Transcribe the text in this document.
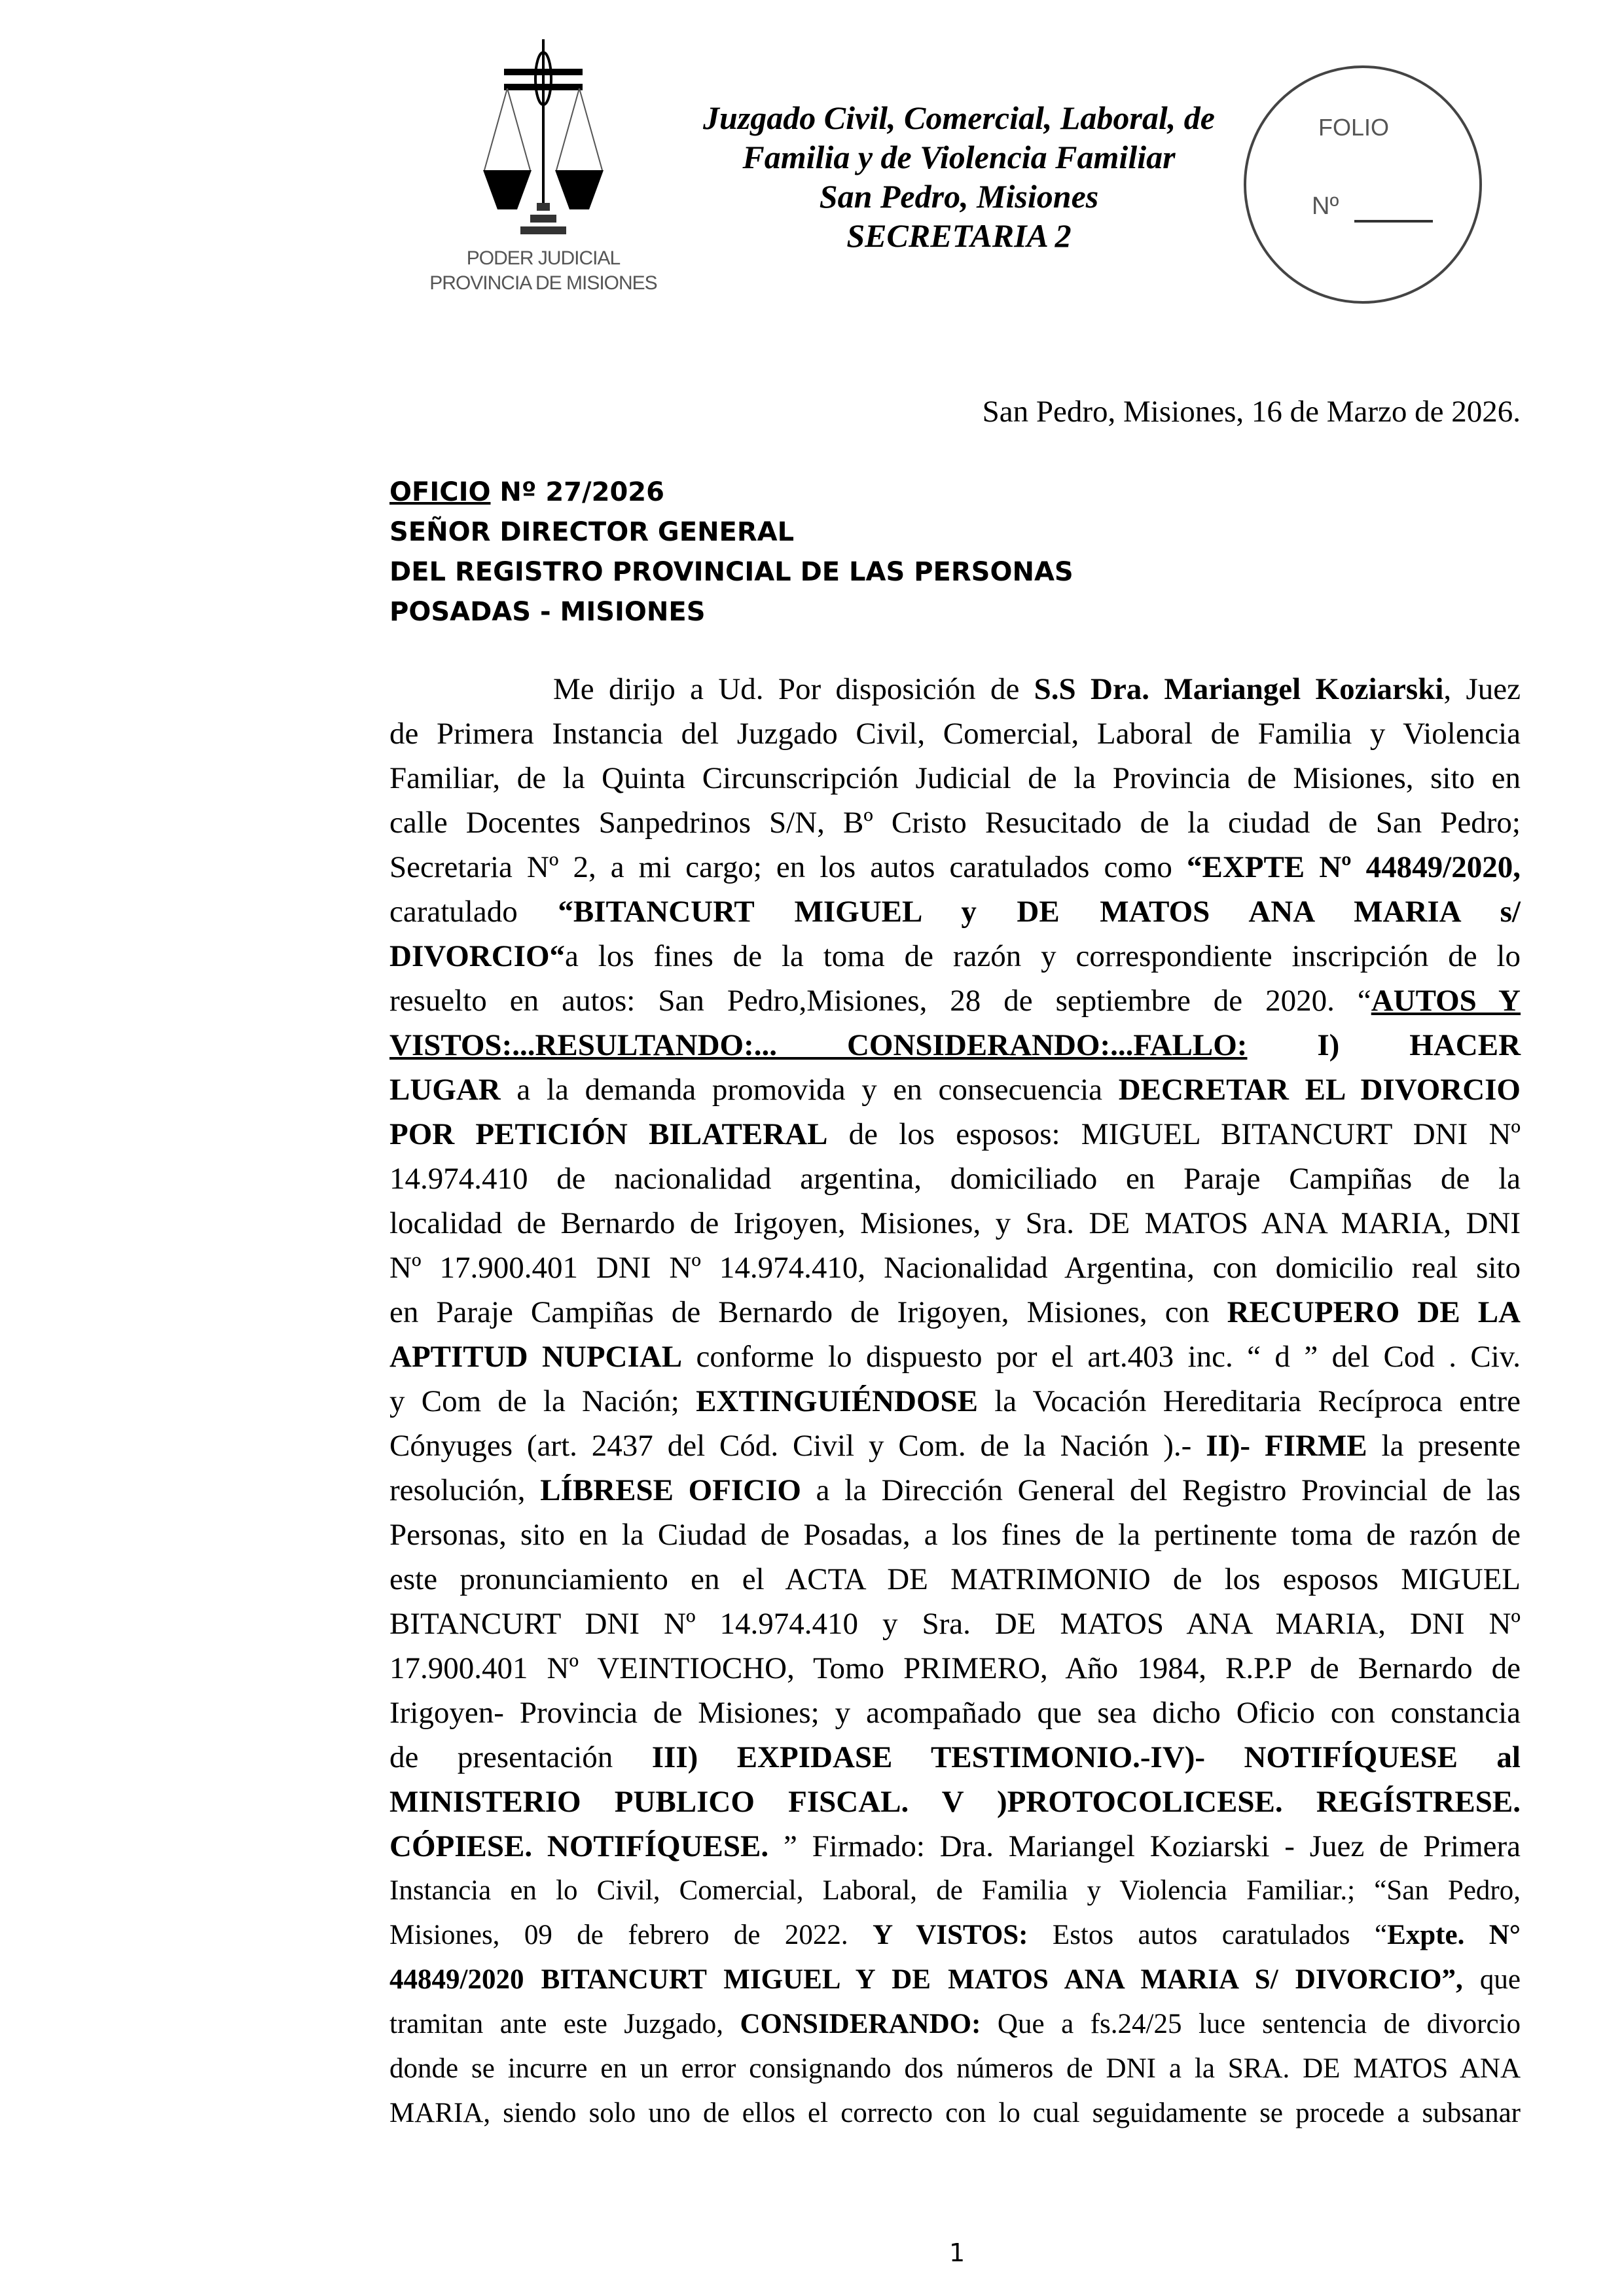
PODER JUDICIAL
PROVINCIA DE MISIONES
Juzgado Civil, Comercial, Laboral, de
Familia y de Violencia Familiar
San Pedro, Misiones
SECRETARIA 2
FOLIO
Nº
San Pedro, Misiones, 16 de Marzo de 2026.
OFICIO Nº 27/2026
SEÑOR DIRECTOR GENERAL
DEL REGISTRO PROVINCIAL DE LAS PERSONAS
POSADAS - MISIONES
Me dirijo a Ud. Por disposición de S.S Dra. Mariangel Koziarski, Juez
de Primera Instancia del Juzgado Civil, Comercial, Laboral de Familia y Violencia
Familiar, de la Quinta Circunscripción Judicial de la Provincia de Misiones, sito en
calle Docentes Sanpedrinos S/N, Bº Cristo Resucitado de la ciudad de San Pedro;
Secretaria Nº 2, a mi cargo; en los autos caratulados como “EXPTE Nº 44849/2020,
caratulado “BITANCURT MIGUEL y DE MATOS ANA MARIA s/
DIVORCIO“a los fines de la toma de razón y correspondiente inscripción de lo
resuelto en autos: San Pedro,Misiones, 28 de septiembre de 2020. “AUTOS Y
VISTOS:...RESULTANDO:... CONSIDERANDO:...FALLO: I) HACER
LUGAR a la demanda promovida y en consecuencia DECRETAR EL DIVORCIO
POR PETICIÓN BILATERAL de los esposos: MIGUEL BITANCURT DNI Nº
14.974.410 de nacionalidad argentina, domiciliado en Paraje Campiñas de la
localidad de Bernardo de Irigoyen, Misiones, y Sra. DE MATOS ANA MARIA, DNI
Nº 17.900.401 DNI Nº 14.974.410, Nacionalidad Argentina, con domicilio real sito
en Paraje Campiñas de Bernardo de Irigoyen, Misiones, con RECUPERO DE LA
APTITUD NUPCIAL conforme lo dispuesto por el art.403 inc. “ d ” del Cod . Civ.
y Com de la Nación; EXTINGUIÉNDOSE la Vocación Hereditaria Recíproca entre
Cónyuges (art. 2437 del Cód. Civil y Com. de la Nación ).- II)- FIRME la presente
resolución, LÍBRESE OFICIO a la Dirección General del Registro Provincial de las
Personas, sito en la Ciudad de Posadas, a los fines de la pertinente toma de razón de
este pronunciamiento en el ACTA DE MATRIMONIO de los esposos MIGUEL
BITANCURT DNI Nº 14.974.410 y Sra. DE MATOS ANA MARIA, DNI Nº
17.900.401 Nº VEINTIOCHO, Tomo PRIMERO, Año 1984, R.P.P de Bernardo de
Irigoyen- Provincia de Misiones; y acompañado que sea dicho Oficio con constancia
de presentación III) EXPIDASE TESTIMONIO.-IV)- NOTIFÍQUESE al
MINISTERIO PUBLICO FISCAL. V )PROTOCOLICESE. REGÍSTRESE.
CÓPIESE. NOTIFÍQUESE. ” Firmado: Dra. Mariangel Koziarski - Juez de Primera
Instancia en lo Civil, Comercial, Laboral, de Familia y Violencia Familiar.; “San Pedro,
Misiones, 09 de febrero de 2022. Y VISTOS: Estos autos caratulados “Expte. N°
44849/2020 BITANCURT MIGUEL Y DE MATOS ANA MARIA S/ DIVORCIO”, que
tramitan ante este Juzgado, CONSIDERANDO: Que a fs.24/25 luce sentencia de divorcio
donde se incurre en un error consignando dos números de DNI a la SRA. DE MATOS ANA
MARIA, siendo solo uno de ellos el correcto con lo cual seguidamente se procede a subsanar
1
